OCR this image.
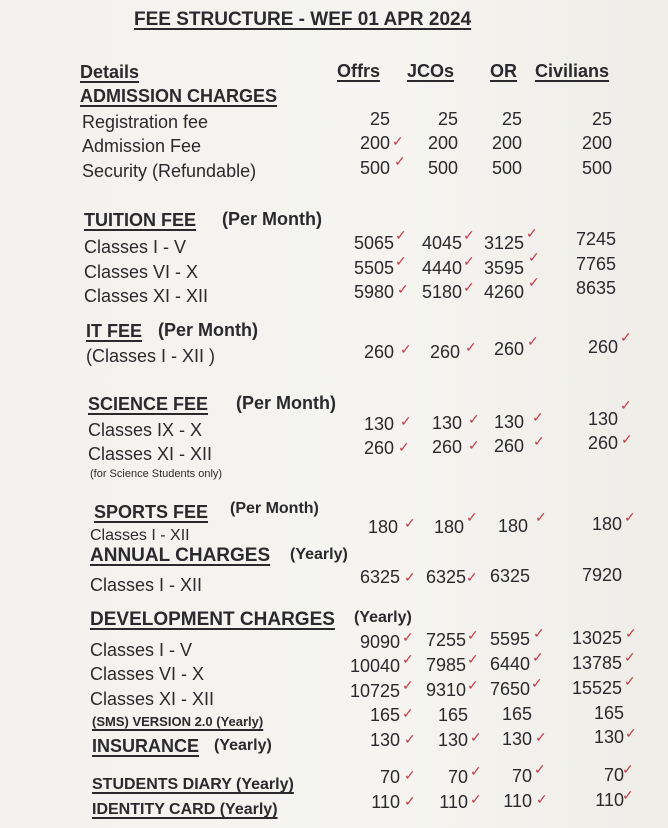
FEE STRUCTURE - WEF 01 APR 2024
Details	Offrs JCOs OR Civilians
ADMISSION CHARGES
Registration fee	25	25	25	25
Admission Fee	200	200	200	200
✓
Security (Refundable)	500	500	500	500
✓
TUITION FEE (Per Month)
Classes I - V	5065	4045	3125	7245
✓	✓	✓
Classes VI - X	5505	4440	3595	7765
✓	✓	✓
Classes XI - XII	5980	5180	4260	8635
✓	✓	✓
IT FEE (Per Month)
(Classes I - XII )	260	260	260	260
✓	✓	✓	✓
SCIENCE FEE (Per Month)
Classes IX - X	130	130	130	130
✓	✓	✓
✓
Classes XI - XII	260	260	260	260
✓	✓	✓	✓
(for Science Students only)
SPORTS FEE (Per Month)
Classes I - XII	180	180	180	180
✓	✓	✓	✓
ANNUAL CHARGES (Yearly)
Classes I - XII	6325	6325	6325	7920
✓	✓
DEVELOPMENT CHARGES (Yearly)
Classes I - V	9090	7255	5595	13025
✓	✓	✓	✓
Classes VI - X	10040	7985	6440	13785
✓	✓	✓	✓
Classes XI - XII	10725	9310	7650	15525
✓	✓	✓	✓
(SMS) VERSION 2.0 (Yearly)	165	165	165	165
✓
INSURANCE (Yearly)	130	130	130	130
✓	✓	✓	✓
STUDENTS DIARY (Yearly)	70	70	70	70
✓	✓	✓	✓
IDENTITY CARD (Yearly)	110	110	110	110
✓	✓	✓	✓
